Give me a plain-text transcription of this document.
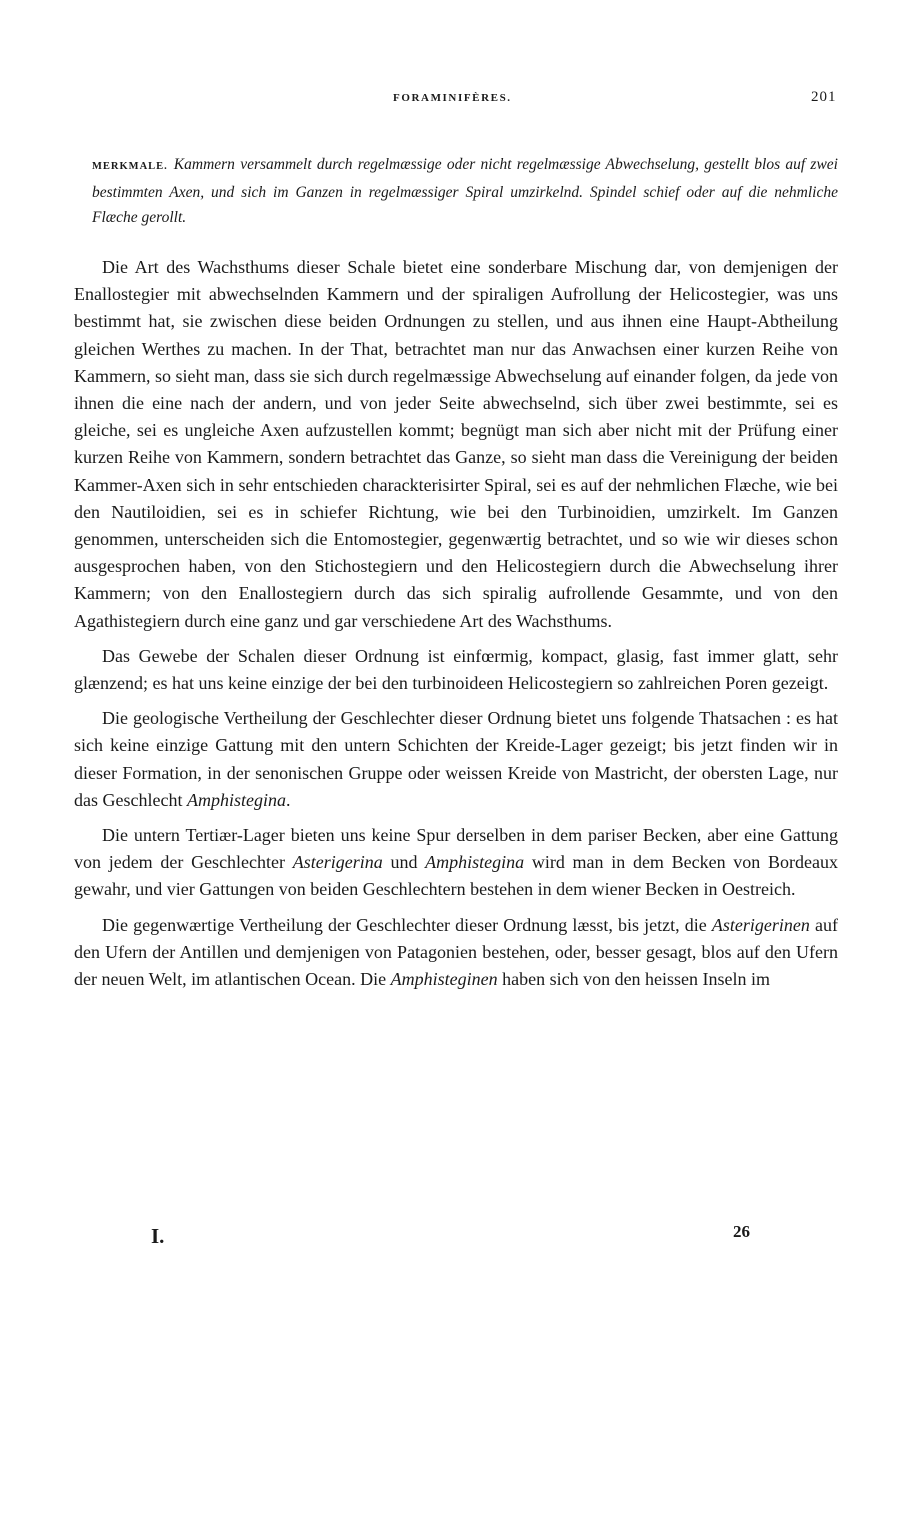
FORAMINIFÈRES.	201
MERKMALE. Kammern versammelt durch regelmæssige oder nicht regelmæssige Abwechselung, gestellt blos auf zwei bestimmten Axen, und sich im Ganzen in regelmæssiger Spiral umzirkelnd. Spindel schief oder auf die nehmliche Flæche gerollt.

Die Art des Wachsthums dieser Schale bietet eine sonderbare Mischung dar, von demjenigen der Enallostegier mit abwechselnden Kammern und der spiraligen Aufrollung der Helicostegier, was uns bestimmt hat, sie zwischen diese beiden Ordnungen zu stellen, und aus ihnen eine Haupt-Abtheilung gleichen Werthes zu machen. In der That, betrachtet man nur das Anwachsen einer kurzen Reihe von Kammern, so sieht man, dass sie sich durch regelmæssige Abwechselung auf einander folgen, da jede von ihnen die eine nach der andern, und von jeder Seite abwechselnd, sich über zwei bestimmte, sei es gleiche, sei es ungleiche Axen aufzustellen kommt; begnügt man sich aber nicht mit der Prüfung einer kurzen Reihe von Kammern, sondern betrachtet das Ganze, so sieht man dass die Vereinigung der beiden Kammer-Axen sich in sehr entschieden charackterisirter Spiral, sei es auf der nehmlichen Flæche, wie bei den Nautiloidien, sei es in schiefer Richtung, wie bei den Turbinoidien, umzirkelt. Im Ganzen genommen, unterscheiden sich die Entomostegier, gegenwærtig betrachtet, und so wie wir dieses schon ausgesprochen haben, von den Stichostegiern und den Helicostegiern durch die Abwechselung ihrer Kammern; von den Enallostegiern durch das sich spiralig aufrollende Gesammte, und von den Agathistegiern durch eine ganz und gar verschiedene Art des Wachsthums.

Das Gewebe der Schalen dieser Ordnung ist einfœrmig, kompact, glasig, fast immer glatt, sehr glænzend; es hat uns keine einzige der bei den turbinoideen Helicostegiern so zahlreichen Poren gezeigt.

Die geologische Vertheilung der Geschlechter dieser Ordnung bietet uns folgende Thatsachen : es hat sich keine einzige Gattung mit den untern Schichten der Kreide-Lager gezeigt; bis jetzt finden wir in dieser Formation, in der senonischen Gruppe oder weissen Kreide von Mastricht, der obersten Lage, nur das Geschlecht Amphistegina.

Die untern Tertiær-Lager bieten uns keine Spur derselben in dem pariser Becken, aber eine Gattung von jedem der Geschlechter Asterigerina und Amphistegina wird man in dem Becken von Bordeaux gewahr, und vier Gattungen von beiden Geschlechtern bestehen in dem wiener Becken in Oestreich.

Die gegenwærtige Vertheilung der Geschlechter dieser Ordnung læsst, bis jetzt, die Asterigerinen auf den Ufern der Antillen und demjenigen von Patagonien bestehen, oder, besser gesagt, blos auf den Ufern der neuen Welt, im atlantischen Ocean. Die Amphisteginen haben sich von den heissen Inseln im

I.	26
